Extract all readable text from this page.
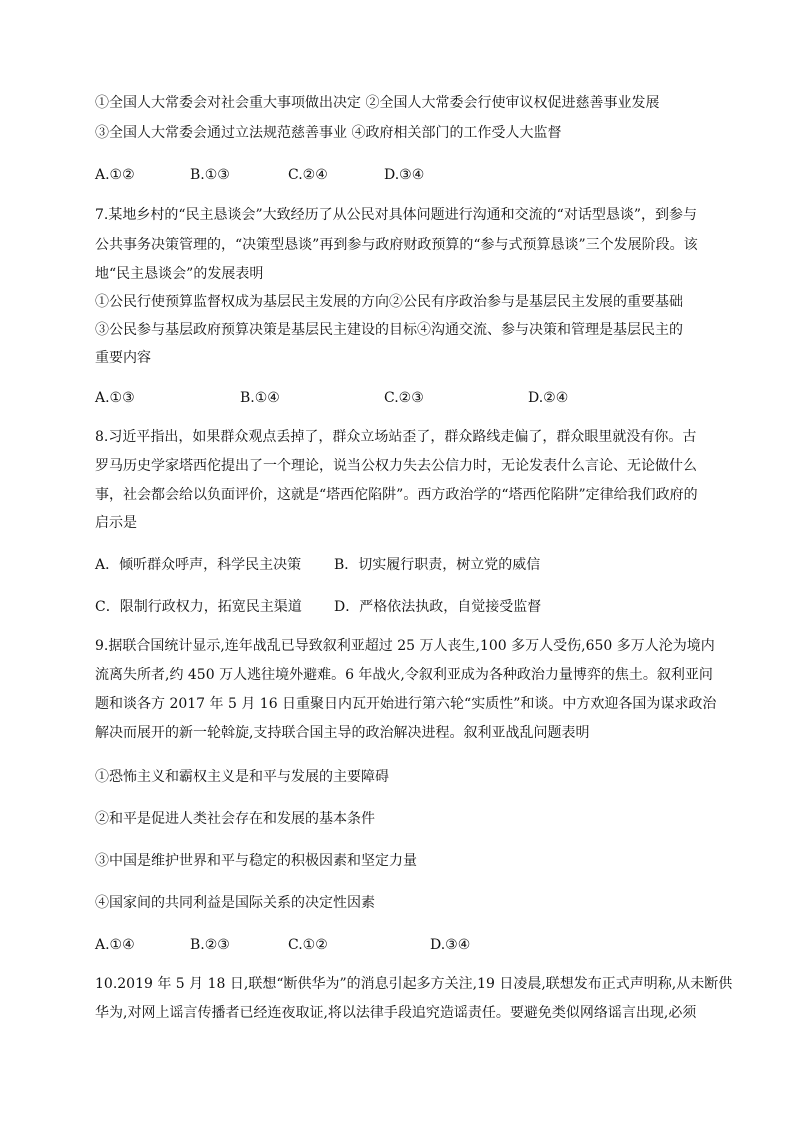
①全国人大常委会对社会重大事项做出决定 ②全国人大常委会行使审议权促进慈善事业发展
③全国人大常委会通过立法规范慈善事业 ④政府相关部门的工作受人大监督
A.①②	B.①③	C.②④	D.③④
7.某地乡村的“民主恳谈会”大致经历了从公民对具体问题进行沟通和交流的“对话型恳谈”，到参与
公共事务决策管理的，“决策型恳谈”再到参与政府财政预算的“参与式预算恳谈”三个发展阶段。该
地“民主恳谈会”的发展表明
①公民行使预算监督权成为基层民主发展的方向②公民有序政治参与是基层民主发展的重要基础
③公民参与基层政府预算决策是基层民主建设的目标④沟通交流、参与决策和管理是基层民主的
重要内容
A.①③	B.①④	C.②③	D.②④
8.习近平指出，如果群众观点丢掉了，群众立场站歪了，群众路线走偏了，群众眼里就没有你。古
罗马历史学家塔西佗提出了一个理论，说当公权力失去公信力时，无论发表什么言论、无论做什么
事，社会都会给以负面评价，这就是“塔西佗陷阱”。西方政治学的“塔西佗陷阱”定律给我们政府的
启示是
A．倾听群众呼声，科学民主决策 B．切实履行职责，树立党的威信
C．限制行政权力，拓宽民主渠道 D．严格依法执政，自觉接受监督
9.据联合国统计显示,连年战乱已导致叙利亚超过 25 万人丧生,100 多万人受伤,650 多万人沦为境内
流离失所者,约 450 万人逃往境外避难。6 年战火,令叙利亚成为各种政治力量博弈的焦土。叙利亚问
题和谈各方 2017 年 5 月 16 日重聚日内瓦开始进行第六轮“实质性”和谈。中方欢迎各国为谋求政治
解决而展开的新一轮斡旋,支持联合国主导的政治解决进程。叙利亚战乱问题表明
①恐怖主义和霸权主义是和平与发展的主要障碍
②和平是促进人类社会存在和发展的基本条件
③中国是维护世界和平与稳定的积极因素和坚定力量
④国家间的共同利益是国际关系的决定性因素
A.①④	B.②③	C.①②	D.③④
10.2019 年 5 月 18 日,联想“断供华为”的消息引起多方关注,19 日凌晨,联想发布正式声明称,从未断供
华为,对网上谣言传播者已经连夜取证,将以法律手段追究造谣责任。要避免类似网络谣言出现,必须
